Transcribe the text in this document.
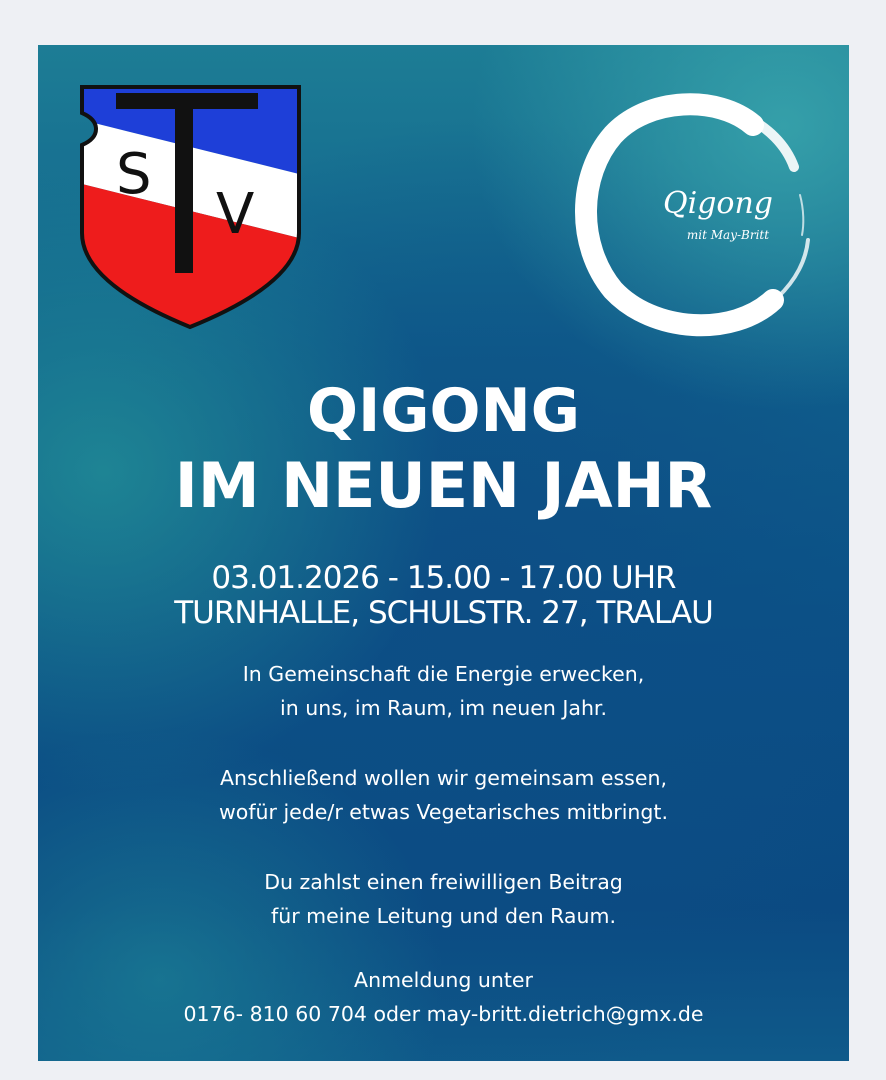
S
V	Qigong
mit May-Britt
QIGONG
IM NEUEN JAHR
03.01.2026 - 15.00 - 17.00 UHR
TURNHALLE, SCHULSTR. 27, TRALAU
In Gemeinschaft die Energie erwecken,
in uns, im Raum, im neuen Jahr.
Anschließend wollen wir gemeinsam essen,
wofür jede/r etwas Vegetarisches mitbringt.
Du zahlst einen freiwilligen Beitrag
für meine Leitung und den Raum.
Anmeldung unter
0176- 810 60 704 oder may-britt.dietrich@gmx.de
